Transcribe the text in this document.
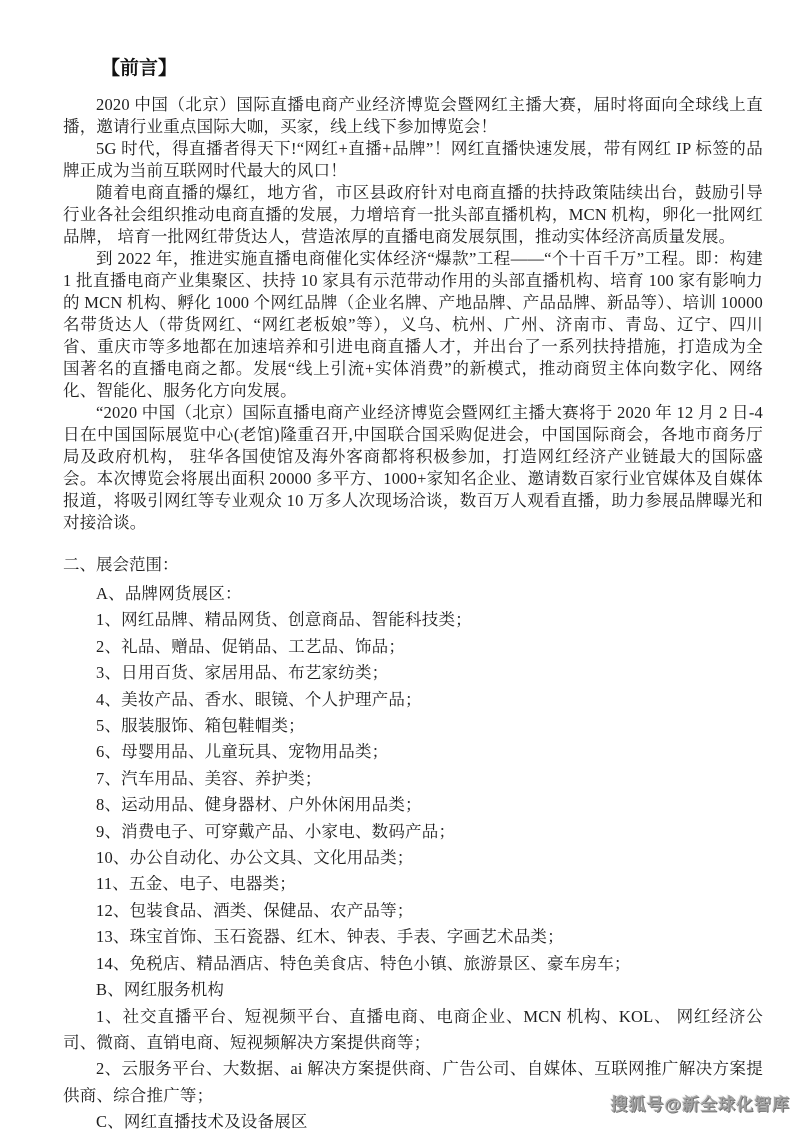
【前言】

2020 中国（北京）国际直播电商产业经济博览会暨网红主播大赛，届时将面向全球线上直播，邀请行业重点国际大咖，买家，线上线下参加博览会！

5G 时代，得直播者得天下!“网红+直播+品牌”！网红直播快速发展，带有网红 IP 标签的品牌正成为当前互联网时代最大的风口！

随着电商直播的爆红，地方省，市区县政府针对电商直播的扶持政策陆续出台，鼓励引导行业各社会组织推动电商直播的发展，力增培育一批头部直播机构，MCN 机构，卵化一批网红品牌， 培育一批网红带货达人，营造浓厚的直播电商发展氛围，推动实体经济高质量发展。

到 2022 年，推进实施直播电商催化实体经济“爆款”工程——“个十百千万”工程。即：构建 1 批直播电商产业集聚区、扶持 10 家具有示范带动作用的头部直播机构、培育 100 家有影响力的 MCN 机构、孵化 1000 个网红品牌（企业名牌、产地品牌、产品品牌、新品等）、培训 10000 名带货达人（带货网红、“网红老板娘”等），义乌、杭州、广州、济南市、青岛、辽宁、四川省、重庆市等多地都在加速培养和引进电商直播人才，并出台了一系列扶持措施，打造成为全国著名的直播电商之都。发展“线上引流+实体消费”的新模式，推动商贸主体向数字化、网络化、智能化、服务化方向发展。

“2020 中国（北京）国际直播电商产业经济博览会暨网红主播大赛将于 2020 年 12 月 2 日-4 日在中国国际展览中心(老馆)隆重召开,中国联合国采购促进会，中国国际商会，各地市商务厅局及政府机构， 驻华各国使馆及海外客商都将积极参加，打造网红经济产业链最大的国际盛会。本次博览会将展出面积 20000 多平方、1000+家知名企业、邀请数百家行业官媒体及自媒体报道，将吸引网红等专业观众 10 万多人次现场洽谈，数百万人观看直播，助力参展品牌曝光和对接洽谈。

二、展会范围：

A、品牌网货展区：

1、网红品牌、精品网货、创意商品、智能科技类；

2、礼品、赠品、促销品、工艺品、饰品；

3、日用百货、家居用品、布艺家纺类；

4、美妆产品、香水、眼镜、个人护理产品；

5、服装服饰、箱包鞋帽类；

6、母婴用品、儿童玩具、宠物用品类；

7、汽车用品、美容、养护类；

8、运动用品、健身器材、户外休闲用品类；

9、消费电子、可穿戴产品、小家电、数码产品；

10、办公自动化、办公文具、文化用品类；

11、五金、电子、电器类；

12、包装食品、酒类、保健品、农产品等；

13、珠宝首饰、玉石瓷器、红木、钟表、手表、字画艺术品类；

14、免税店、精品酒店、特色美食店、特色小镇、旅游景区、豪车房车；

B、网红服务机构

1、社交直播平台、短视频平台、直播电商、电商企业、MCN 机构、KOL、 网红经济公司、微商、直销电商、短视频解决方案提供商等；

2、云服务平台、大数据、ai 解决方案提供商、广告公司、自媒体、互联网推广解决方案提供商、综合推广等；

C、网红直播技术及设备展区

搜狐号@新全球化智库
